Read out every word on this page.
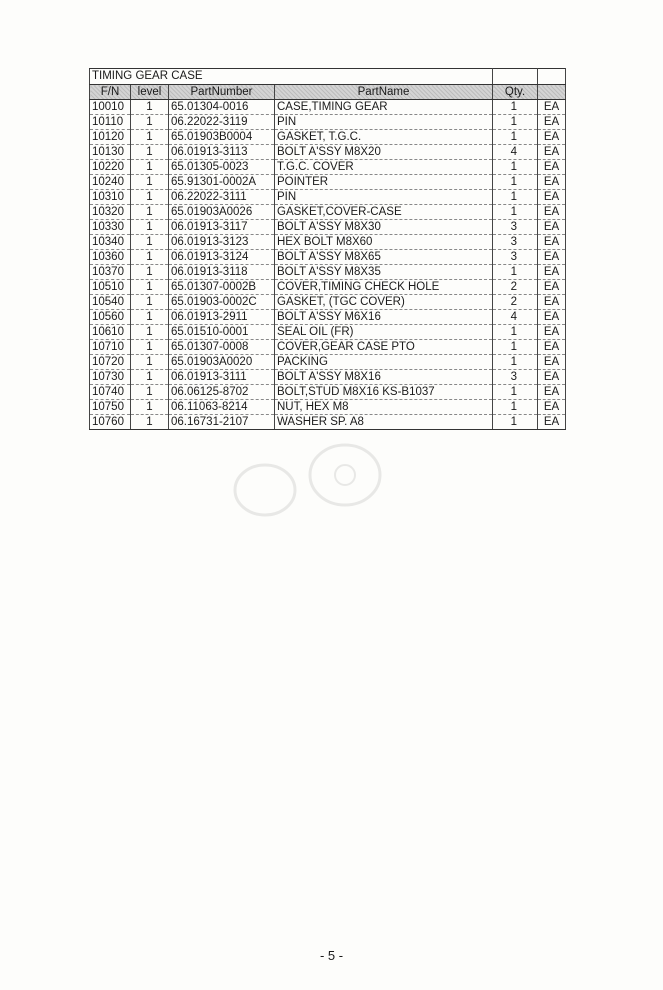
TIMING GEAR CASE					
F/N	level	PartNumber	PartName	Qty.	
10010	1	65.01304-0016	CASE,TIMING GEAR	1	EA
10110	1	06.22022-3119	PIN	1	EA
10120	1	65.01903B0004	GASKET, T.G.C.	1	EA
10130	1	06.01913-3113	BOLT A'SSY M8X20	4	EA
10220	1	65.01305-0023	T.G.C. COVER	1	EA
10240	1	65.91301-0002A	POINTER	1	EA
10310	1	06.22022-3111	PIN	1	EA
10320	1	65.01903A0026	GASKET,COVER-CASE	1	EA
10330	1	06.01913-3117	BOLT A'SSY M8X30	3	EA
10340	1	06.01913-3123	HEX BOLT M8X60	3	EA
10360	1	06.01913-3124	BOLT A'SSY M8X65	3	EA
10370	1	06.01913-3118	BOLT A'SSY M8X35	1	EA
10510	1	65.01307-0002B	COVER,TIMING CHECK HOLE	2	EA
10540	1	65.01903-0002C	GASKET, (TGC COVER)	2	EA
10560	1	06.01913-2911	BOLT A'SSY M6X16	4	EA
10610	1	65.01510-0001	SEAL OIL (FR)	1	EA
10710	1	65.01307-0008	COVER,GEAR CASE PTO	1	EA
10720	1	65.01903A0020	PACKING	1	EA
10730	1	06.01913-3111	BOLT A'SSY M8X16	3	EA
10740	1	06.06125-8702	BOLT,STUD M8X16 KS-B1037	1	EA
10750	1	06.11063-8214	NUT, HEX M8	1	EA
10760	1	06.16731-2107	WASHER SP. A8	1	EA
- 5 -
